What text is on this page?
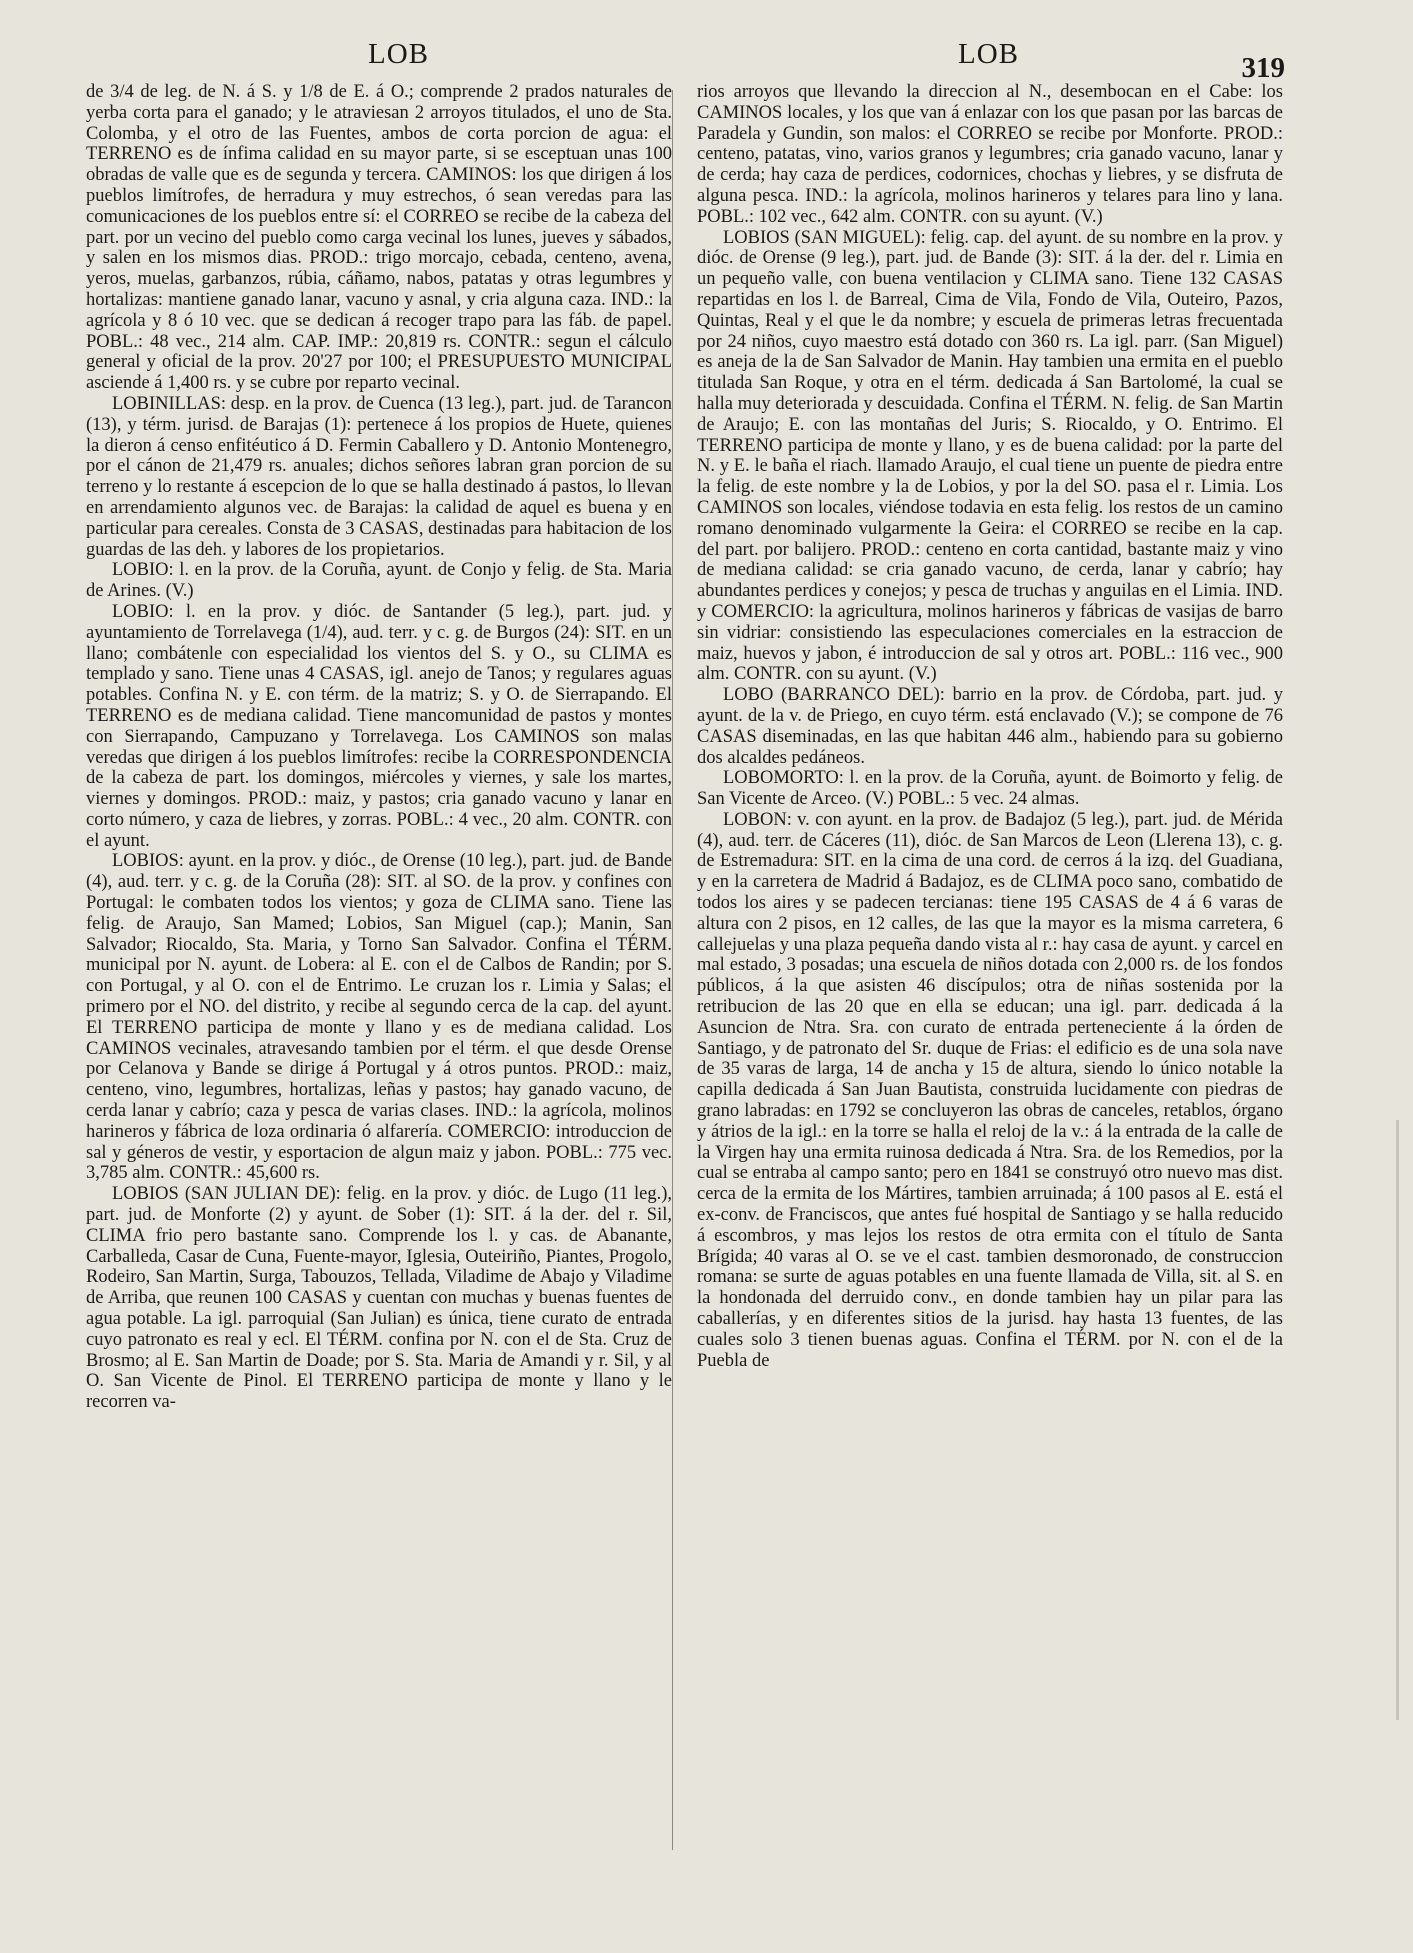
LOB	LOB	319

de 3/4 de leg. de N. á S. y 1/8 de E. á O.; comprende 2 prados naturales de yerba corta para el ganado; y le atraviesan 2 arroyos titulados, el uno de Sta. Colomba, y el otro de las Fuentes, ambos de corta porcion de agua: el TERRENO es de ínfima calidad en su mayor parte, si se esceptuan unas 100 obradas de valle que es de segunda y tercera. CAMINOS: los que dirigen á los pueblos limítrofes, de herradura y muy estrechos, ó sean veredas para las comunicaciones de los pueblos entre sí: el CORREO se recibe de la cabeza del part. por un vecino del pueblo como carga vecinal los lunes, jueves y sábados, y salen en los mismos dias. PROD.: trigo morcajo, cebada, centeno, avena, yeros, muelas, garbanzos, rúbia, cáñamo, nabos, patatas y otras legumbres y hortalizas: mantiene ganado lanar, vacuno y asnal, y cria alguna caza. IND.: la agrícola y 8 ó 10 vec. que se dedican á recoger trapo para las fáb. de papel. POBL.: 48 vec., 214 alm. CAP. IMP.: 20,819 rs. CONTR.: segun el cálculo general y oficial de la prov. 20'27 por 100; el PRESUPUESTO MUNICIPAL asciende á 1,400 rs. y se cubre por reparto vecinal.

LOBINILLAS: desp. en la prov. de Cuenca (13 leg.), part. jud. de Tarancon (13), y térm. jurisd. de Barajas (1): pertenece á los propios de Huete, quienes la dieron á censo enfitéutico á D. Fermin Caballero y D. Antonio Montenegro, por el cánon de 21,479 rs. anuales; dichos señores labran gran porcion de su terreno y lo restante á escepcion de lo que se halla destinado á pastos, lo llevan en arrendamiento algunos vec. de Barajas: la calidad de aquel es buena y en particular para cereales. Consta de 3 CASAS, destinadas para habitacion de los guardas de las deh. y labores de los propietarios.

LOBIO: l. en la prov. de la Coruña, ayunt. de Conjo y felig. de Sta. Maria de Arines. (V.)

LOBIO: l. en la prov. y dióc. de Santander (5 leg.), part. jud. y ayuntamiento de Torrelavega (1/4), aud. terr. y c. g. de Burgos (24): SIT. en un llano; combátenle con especialidad los vientos del S. y O., su CLIMA es templado y sano. Tiene unas 4 CASAS, igl. anejo de Tanos; y regulares aguas potables. Confina N. y E. con térm. de la matriz; S. y O. de Sierrapando. El TERRENO es de mediana calidad. Tiene mancomunidad de pastos y montes con Sierrapando, Campuzano y Torrelavega. Los CAMINOS son malas veredas que dirigen á los pueblos limítrofes: recibe la CORRESPONDENCIA de la cabeza de part. los domingos, miércoles y viernes, y sale los martes, viernes y domingos. PROD.: maiz, y pastos; cria ganado vacuno y lanar en corto número, y caza de liebres, y zorras. POBL.: 4 vec., 20 alm. CONTR. con el ayunt.

LOBIOS: ayunt. en la prov. y dióc., de Orense (10 leg.), part. jud. de Bande (4), aud. terr. y c. g. de la Coruña (28): SIT. al SO. de la prov. y confines con Portugal: le combaten todos los vientos; y goza de CLIMA sano. Tiene las felig. de Araujo, San Mamed; Lobios, San Miguel (cap.); Manin, San Salvador; Riocaldo, Sta. Maria, y Torno San Salvador. Confina el TÉRM. municipal por N. ayunt. de Lobera: al E. con el de Calbos de Randin; por S. con Portugal, y al O. con el de Entrimo. Le cruzan los r. Limia y Salas; el primero por el NO. del distrito, y recibe al segundo cerca de la cap. del ayunt. El TERRENO participa de monte y llano y es de mediana calidad. Los CAMINOS vecinales, atravesando tambien por el térm. el que desde Orense por Celanova y Bande se dirige á Portugal y á otros puntos. PROD.: maiz, centeno, vino, legumbres, hortalizas, leñas y pastos; hay ganado vacuno, de cerda lanar y cabrío; caza y pesca de varias clases. IND.: la agrícola, molinos harineros y fábrica de loza ordinaria ó alfarería. COMERCIO: introduccion de sal y géneros de vestir, y esportacion de algun maiz y jabon. POBL.: 775 vec. 3,785 alm. CONTR.: 45,600 rs.

LOBIOS (SAN JULIAN DE): felig. en la prov. y dióc. de Lugo (11 leg.), part. jud. de Monforte (2) y ayunt. de Sober (1): SIT. á la der. del r. Sil, CLIMA frio pero bastante sano. Comprende los l. y cas. de Abanante, Carballeda, Casar de Cuna, Fuente-mayor, Iglesia, Outeiriño, Piantes, Progolo, Rodeiro, San Martin, Surga, Tabouzos, Tellada, Viladime de Abajo y Viladime de Arriba, que reunen 100 CASAS y cuentan con muchas y buenas fuentes de agua potable. La igl. parroquial (San Julian) es única, tiene curato de entrada cuyo patronato es real y ecl. El TÉRM. confina por N. con el de Sta. Cruz de Brosmo; al E. San Martin de Doade; por S. Sta. Maria de Amandi y r. Sil, y al O. San Vicente de Pinol. El TERRENO participa de monte y llano y le recorren va-

rios arroyos que llevando la direccion al N., desembocan en el Cabe: los CAMINOS locales, y los que van á enlazar con los que pasan por las barcas de Paradela y Gundin, son malos: el CORREO se recibe por Monforte. PROD.: centeno, patatas, vino, varios granos y legumbres; cria ganado vacuno, lanar y de cerda; hay caza de perdices, codornices, chochas y liebres, y se disfruta de alguna pesca. IND.: la agrícola, molinos harineros y telares para lino y lana. POBL.: 102 vec., 642 alm. CONTR. con su ayunt. (V.)

LOBIOS (SAN MIGUEL): felig. cap. del ayunt. de su nombre en la prov. y dióc. de Orense (9 leg.), part. jud. de Bande (3): SIT. á la der. del r. Limia en un pequeño valle, con buena ventilacion y CLIMA sano. Tiene 132 CASAS repartidas en los l. de Barreal, Cima de Vila, Fondo de Vila, Outeiro, Pazos, Quintas, Real y el que le da nombre; y escuela de primeras letras frecuentada por 24 niños, cuyo maestro está dotado con 360 rs. La igl. parr. (San Miguel) es aneja de la de San Salvador de Manin. Hay tambien una ermita en el pueblo titulada San Roque, y otra en el térm. dedicada á San Bartolomé, la cual se halla muy deteriorada y descuidada. Confina el TÉRM. N. felig. de San Martin de Araujo; E. con las montañas del Juris; S. Riocaldo, y O. Entrimo. El TERRENO participa de monte y llano, y es de buena calidad: por la parte del N. y E. le baña el riach. llamado Araujo, el cual tiene un puente de piedra entre la felig. de este nombre y la de Lobios, y por la del SO. pasa el r. Limia. Los CAMINOS son locales, viéndose todavia en esta felig. los restos de un camino romano denominado vulgarmente la Geira: el CORREO se recibe en la cap. del part. por balijero. PROD.: centeno en corta cantidad, bastante maiz y vino de mediana calidad: se cria ganado vacuno, de cerda, lanar y cabrío; hay abundantes perdices y conejos; y pesca de truchas y anguilas en el Limia. IND. y COMERCIO: la agricultura, molinos harineros y fábricas de vasijas de barro sin vidriar: consistiendo las especulaciones comerciales en la estraccion de maiz, huevos y jabon, é introduccion de sal y otros art. POBL.: 116 vec., 900 alm. CONTR. con su ayunt. (V.)

LOBO (BARRANCO DEL): barrio en la prov. de Córdoba, part. jud. y ayunt. de la v. de Priego, en cuyo térm. está enclavado (V.); se compone de 76 CASAS diseminadas, en las que habitan 446 alm., habiendo para su gobierno dos alcaldes pedáneos.

LOBOMORTO: l. en la prov. de la Coruña, ayunt. de Boimorto y felig. de San Vicente de Arceo. (V.) POBL.: 5 vec. 24 almas.

LOBON: v. con ayunt. en la prov. de Badajoz (5 leg.), part. jud. de Mérida (4), aud. terr. de Cáceres (11), dióc. de San Marcos de Leon (Llerena 13), c. g. de Estremadura: SIT. en la cima de una cord. de cerros á la izq. del Guadiana, y en la carretera de Madrid á Badajoz, es de CLIMA poco sano, combatido de todos los aires y se padecen tercianas: tiene 195 CASAS de 4 á 6 varas de altura con 2 pisos, en 12 calles, de las que la mayor es la misma carretera, 6 callejuelas y una plaza pequeña dando vista al r.: hay casa de ayunt. y carcel en mal estado, 3 posadas; una escuela de niños dotada con 2,000 rs. de los fondos públicos, á la que asisten 46 discípulos; otra de niñas sostenida por la retribucion de las 20 que en ella se educan; una igl. parr. dedicada á la Asuncion de Ntra. Sra. con curato de entrada perteneciente á la órden de Santiago, y de patronato del Sr. duque de Frias: el edificio es de una sola nave de 35 varas de larga, 14 de ancha y 15 de altura, siendo lo único notable la capilla dedicada á San Juan Bautista, construida lucidamente con piedras de grano labradas: en 1792 se concluyeron las obras de canceles, retablos, órgano y átrios de la igl.: en la torre se halla el reloj de la v.: á la entrada de la calle de la Virgen hay una ermita ruinosa dedicada á Ntra. Sra. de los Remedios, por la cual se entraba al campo santo; pero en 1841 se construyó otro nuevo mas dist. cerca de la ermita de los Mártires, tambien arruinada; á 100 pasos al E. está el ex-conv. de Franciscos, que antes fué hospital de Santiago y se halla reducido á escombros, y mas lejos los restos de otra ermita con el título de Santa Brígida; 40 varas al O. se ve el cast. tambien desmoronado, de construccion romana: se surte de aguas potables en una fuente llamada de Villa, sit. al S. en la hondonada del derruido conv., en donde tambien hay un pilar para las caballerías, y en diferentes sitios de la jurisd. hay hasta 13 fuentes, de las cuales solo 3 tienen buenas aguas. Confina el TÉRM. por N. con el de la Puebla de
